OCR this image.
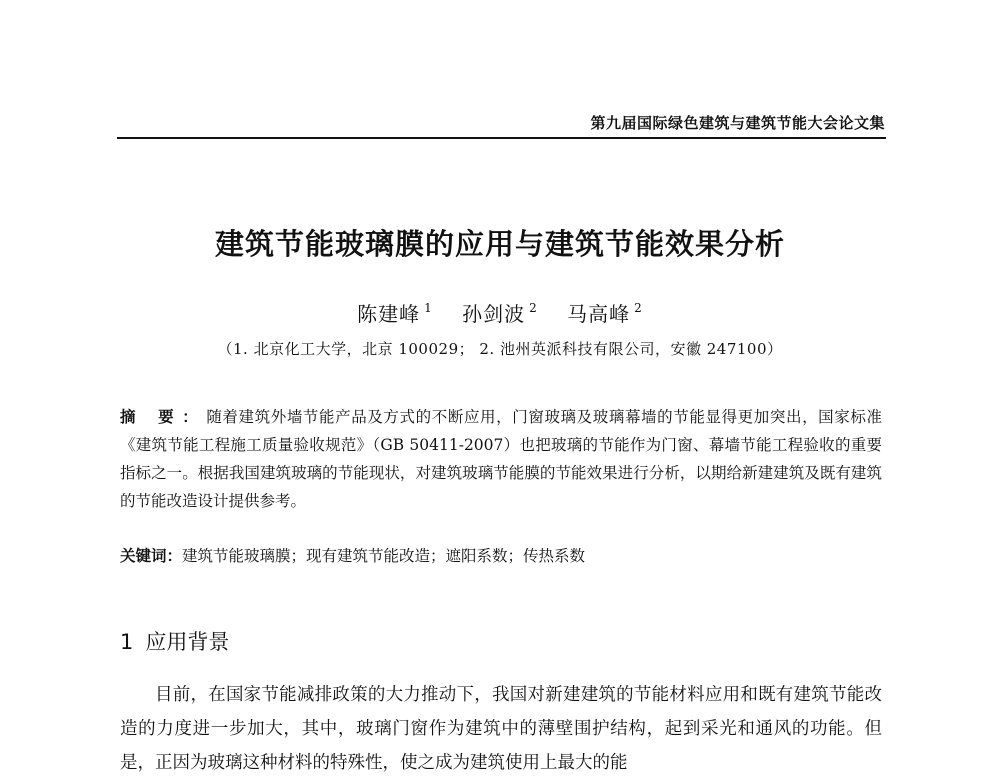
第九届国际绿色建筑与建筑节能大会论文集
建筑节能玻璃膜的应用与建筑节能效果分析
陈建峰 $^1$ 孙剑波 $^2$ 马高峰 $^2$
（1. 北京化工大学，北京 100029； 2. 池州英派科技有限公司，安徽 247100）
摘 要：随着建筑外墙节能产品及方式的不断应用，门窗玻璃及玻璃幕墙的节能显得更加突出，国家标准《建筑节能工程施工质量验收规范》（GB 50411-2007）也把玻璃的节能作为门窗、幕墙节能工程验收的重要指标之一。根据我国建筑玻璃的节能现状，对建筑玻璃节能膜的节能效果进行分析，以期给新建建筑及既有建筑的节能改造设计提供参考。
关键词：建筑节能玻璃膜；现有建筑节能改造；遮阳系数；传热系数
1 应用背景

目前，在国家节能减排政策的大力推动下，我国对新建建筑的节能材料应用和既有建筑节能改造的力度进一步加大，其中，玻璃门窗作为建筑中的薄壁围护结构，起到采光和通风的功能。但是，正因为玻璃这种材料的特殊性，使之成为建筑使用上最大的能
